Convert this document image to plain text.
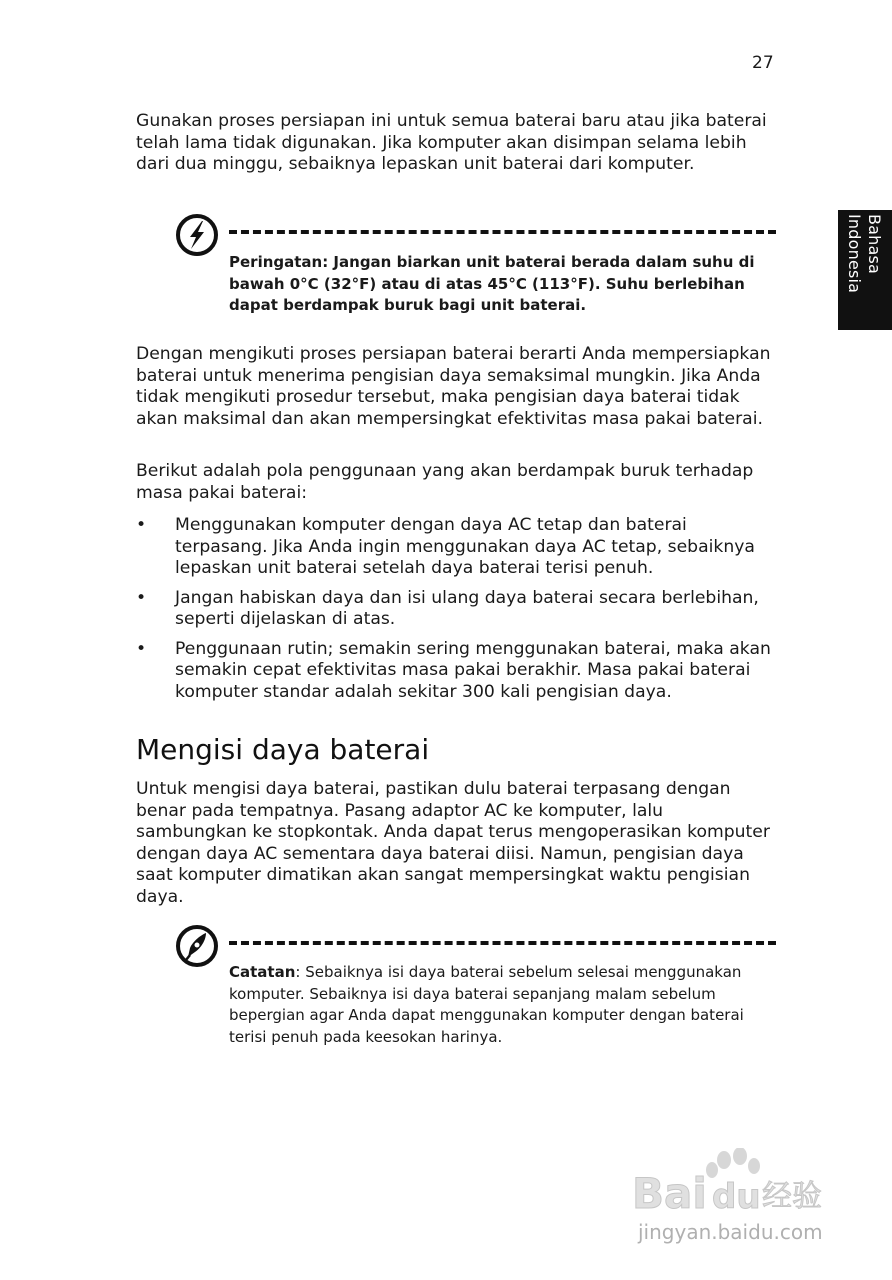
27
Bahasa
Indonesia

Gunakan proses persiapan ini untuk semua baterai baru atau jika baterai telah lama tidak digunakan. Jika komputer akan disimpan selama lebih dari dua minggu, sebaiknya lepaskan unit baterai dari komputer.

Peringatan: Jangan biarkan unit baterai berada dalam suhu di bawah 0°C (32°F) atau di atas 45°C (113°F). Suhu berlebihan dapat berdampak buruk bagi unit baterai.

Dengan mengikuti proses persiapan baterai berarti Anda mempersiapkan baterai untuk menerima pengisian daya semaksimal mungkin. Jika Anda tidak mengikuti prosedur tersebut, maka pengisian daya baterai tidak akan maksimal dan akan mempersingkat efektivitas masa pakai baterai.

Berikut adalah pola penggunaan yang akan berdampak buruk terhadap masa pakai baterai:

• Menggunakan komputer dengan daya AC tetap dan baterai terpasang. Jika Anda ingin menggunakan daya AC tetap, sebaiknya lepaskan unit baterai setelah daya baterai terisi penuh.
• Jangan habiskan daya dan isi ulang daya baterai secara berlebihan, seperti dijelaskan di atas.
• Penggunaan rutin; semakin sering menggunakan baterai, maka akan semakin cepat efektivitas masa pakai berakhir. Masa pakai baterai komputer standar adalah sekitar 300 kali pengisian daya.
Mengisi daya baterai

Untuk mengisi daya baterai, pastikan dulu baterai terpasang dengan benar pada tempatnya. Pasang adaptor AC ke komputer, lalu sambungkan ke stopkontak. Anda dapat terus mengoperasikan komputer dengan daya AC sementara daya baterai diisi. Namun, pengisian daya saat komputer dimatikan akan sangat mempersingkat waktu pengisian daya.

Catatan: Sebaiknya isi daya baterai sebelum selesai menggunakan komputer. Sebaiknya isi daya baterai sepanjang malam sebelum bepergian agar Anda dapat menggunakan komputer dengan baterai terisi penuh pada keesokan harinya.
Bai du 经验
jingyan.baidu.com
